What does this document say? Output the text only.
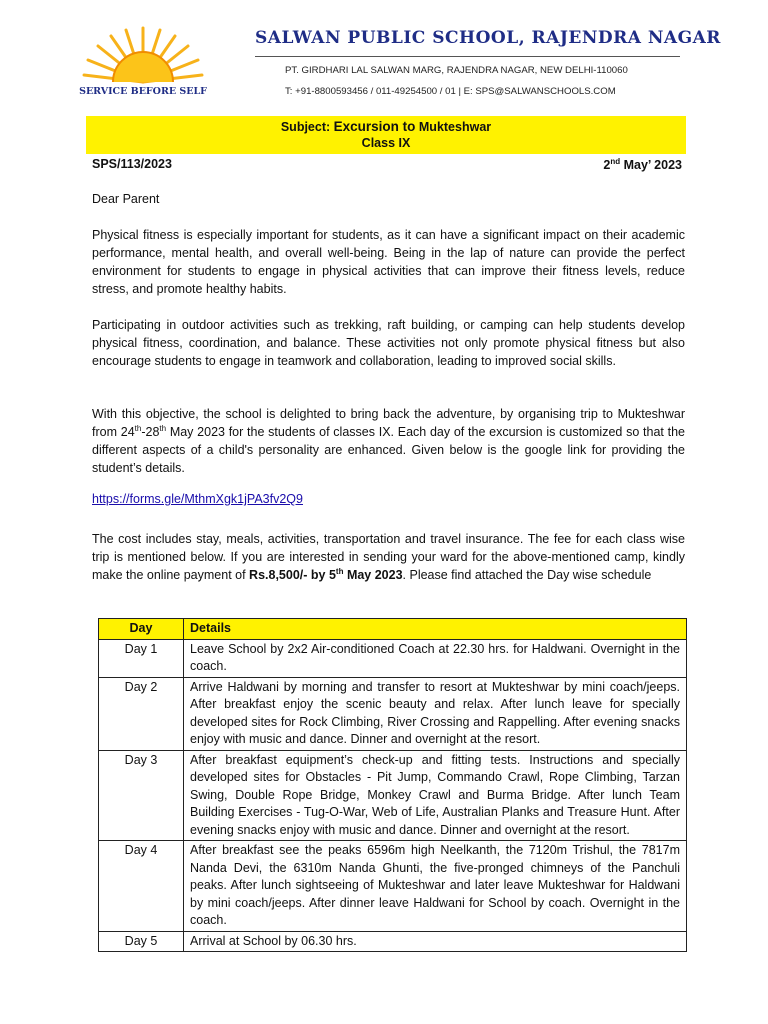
SERVICE BEFORE SELF
SALWAN PUBLIC SCHOOL, RAJENDRA NAGAR
PT. GIRDHARI LAL SALWAN MARG, RAJENDRA NAGAR, NEW DELHI-110060
T: +91-8800593456 / 011-49254500 / 01 | E: SPS@SALWANSCHOOLS.COM
Subject: Excursion to Mukteshwar
Class IX
SPS/113/2023	2nd May’ 2023
Dear Parent
Physical fitness is especially important for students, as it can have a significant impact on their academic performance, mental health, and overall well-being. Being in the lap of nature can provide the perfect environment for students to engage in physical activities that can improve their fitness levels, reduce stress, and promote healthy habits.
Participating in outdoor activities such as trekking, raft building, or camping can help students develop physical fitness, coordination, and balance. These activities not only promote physical fitness but also encourage students to engage in teamwork and collaboration, leading to improved social skills.
With this objective, the school is delighted to bring back the adventure, by organising trip to Mukteshwar from 24th-28th May 2023 for the students of classes IX. Each day of the excursion is customized so that the different aspects of a child's personality are enhanced. Given below is the google link for providing the student’s details.
https://forms.gle/MthmXgk1jPA3fv2Q9
The cost includes stay, meals, activities, transportation and travel insurance. The fee for each class wise trip is mentioned below. If you are interested in sending your ward for the above-mentioned camp, kindly make the online payment of Rs.8,500/- by 5th May 2023. Please find attached the Day wise schedule
Day	Details
Day 1	Leave School by 2x2 Air-conditioned Coach at 22.30 hrs. for Haldwani. Overnight in the coach.
Day 2	Arrive Haldwani by morning and transfer to resort at Mukteshwar by mini coach/jeeps. After breakfast enjoy the scenic beauty and relax. After lunch leave for specially developed sites for Rock Climbing, River Crossing and Rappelling. After evening snacks enjoy with music and dance. Dinner and overnight at the resort.
Day 3	After breakfast equipment’s check-up and fitting tests. Instructions and specially developed sites for Obstacles - Pit Jump, Commando Crawl, Rope Climbing, Tarzan Swing, Double Rope Bridge, Monkey Crawl and Burma Bridge. After lunch Team Building Exercises - Tug-O-War, Web of Life, Australian Planks and Treasure Hunt. After evening snacks enjoy with music and dance. Dinner and overnight at the resort.
Day 4	After breakfast see the peaks 6596m high Neelkanth, the 7120m Trishul, the 7817m Nanda Devi, the 6310m Nanda Ghunti, the five-pronged chimneys of the Panchuli peaks. After lunch sightseeing of Mukteshwar and later leave Mukteshwar for Haldwani by mini coach/jeeps. After dinner leave Haldwani for School by coach. Overnight in the coach.
Day 5	Arrival at School by 06.30 hrs.
